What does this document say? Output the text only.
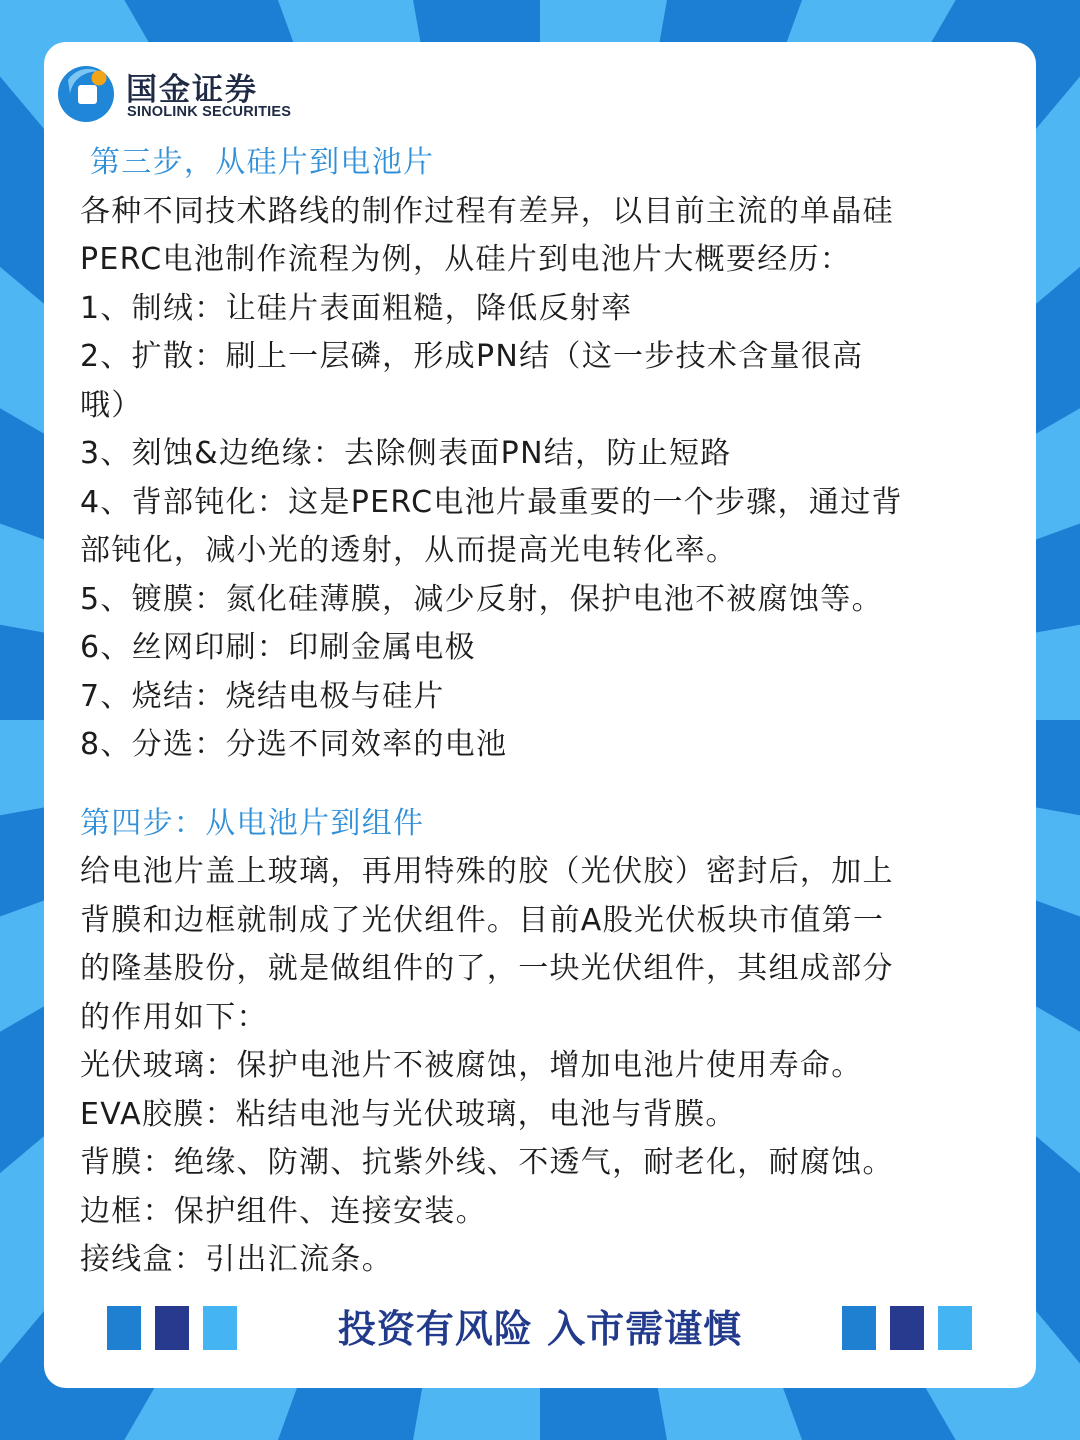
国金证券
SINOLINK SECURITIES

第三步，从硅片到电池片

各种不同技术路线的制作过程有差异，以目前主流的单晶硅

PERC电池制作流程为例，从硅片到电池片大概要经历：

1、制绒：让硅片表面粗糙，降低反射率

2、扩散：刷上一层磷，形成PN结（这一步技术含量很高

哦）

3、刻蚀&边绝缘：去除侧表面PN结，防止短路

4、背部钝化：这是PERC电池片最重要的一个步骤，通过背

部钝化，减小光的透射，从而提高光电转化率。

5、镀膜：氮化硅薄膜，减少反射，保护电池不被腐蚀等。

6、丝网印刷：印刷金属电极

7、烧结：烧结电极与硅片

8、分选：分选不同效率的电池

第四步：从电池片到组件

给电池片盖上玻璃，再用特殊的胶（光伏胶）密封后，加上

背膜和边框就制成了光伏组件。目前A股光伏板块市值第一

的隆基股份，就是做组件的了，一块光伏组件，其组成部分

的作用如下：

光伏玻璃：保护电池片不被腐蚀，增加电池片使用寿命。

EVA胶膜：粘结电池与光伏玻璃，电池与背膜。

背膜：绝缘、防潮、抗紫外线、不透气，耐老化，耐腐蚀。

边框：保护组件、连接安装。

接线盒：引出汇流条。

投资有风险 入市需谨慎
